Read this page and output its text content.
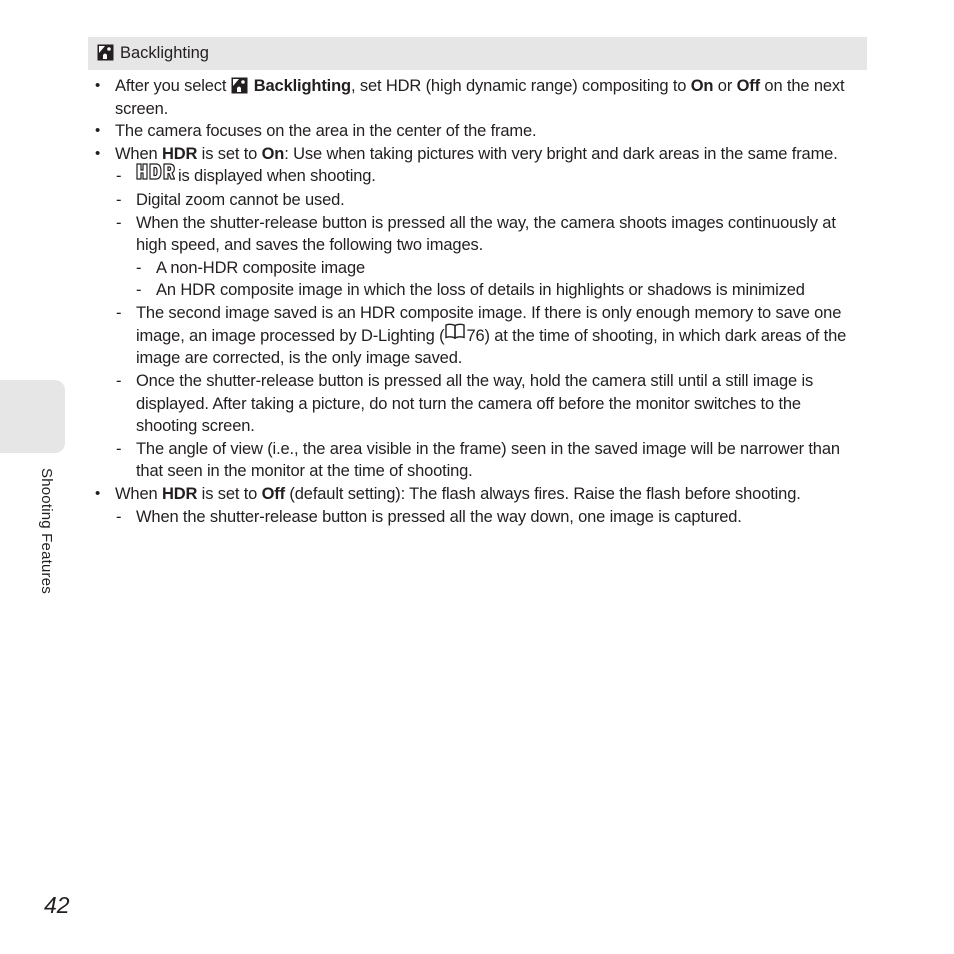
Backlighting
• After you select Backlighting, set HDR (high dynamic range) compositing to On or Off on the next screen.
• The camera focuses on the area in the center of the frame.
• When HDR is set to On: Use when taking pictures with very bright and dark areas in the same frame.
-	is displayed when shooting.
- Digital zoom cannot be used.
- When the shutter-release button is pressed all the way, the camera shoots images continuously at high speed, and saves the following two images.
- A non-HDR composite image
- An HDR composite image in which the loss of details in highlights or shadows is minimized
- The second image saved is an HDR composite image. If there is only enough memory to save one image, an image processed by D-Lighting ( 76) at the time of shooting, in which dark areas of the image are corrected, is the only image saved.
- Once the shutter-release button is pressed all the way, hold the camera still until a still image is displayed. After taking a picture, do not turn the camera off before the monitor switches to the shooting screen.
- The angle of view (i.e., the area visible in the frame) seen in the saved image will be narrower than that seen in the monitor at the time of shooting.
• When HDR is set to Off (default setting): The flash always fires. Raise the flash before shooting.
- When the shutter-release button is pressed all the way down, one image is captured.
Shooting Features
42
